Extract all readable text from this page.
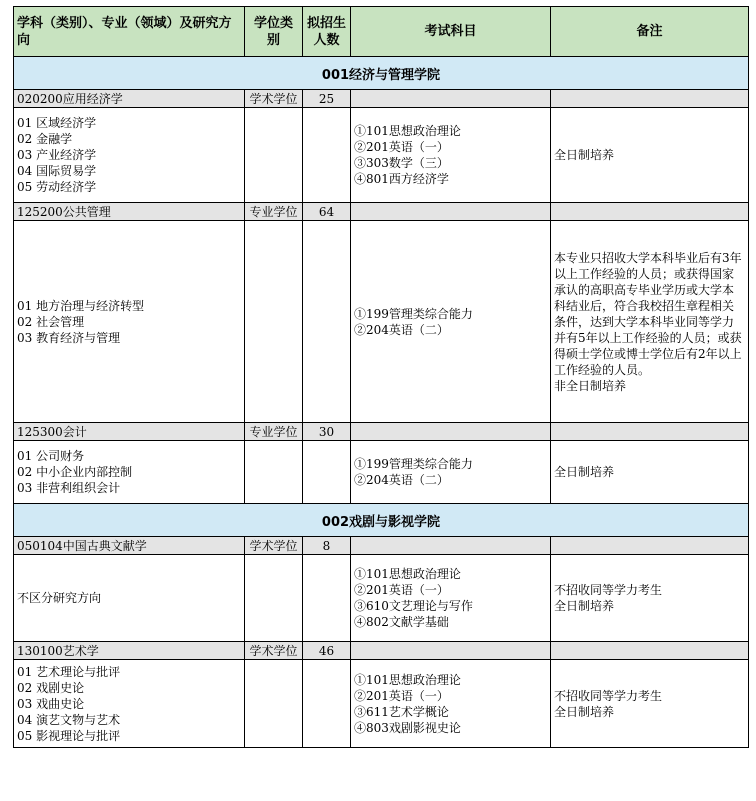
学科（类别）、专业（领域）及研究方向	学位类别	拟招生人数	考试科目	备注
001经济与管理学院				
020200应用经济学	学术学位	25		
01 区域经济学
02 金融学
03 产业经济学
04 国际贸易学
05 劳动经济学			①101思想政治理论
②201英语（一）
③303数学（三）
④801西方经济学	全日制培养
125200公共管理	专业学位	64		
01 地方治理与经济转型
02 社会管理
03 教育经济与管理			①199管理类综合能力
②204英语（二）	本专业只招收大学本科毕业后有3年以上工作经验的人员；或获得国家承认的高职高专毕业学历或大学本科结业后，符合我校招生章程相关条件，达到大学本科毕业同等学力并有5年以上工作经验的人员；或获得硕士学位或博士学位后有2年以上工作经验的人员。
非全日制培养
125300会计	专业学位	30		
01 公司财务
02 中小企业内部控制
03 非营利组织会计			①199管理类综合能力
②204英语（二）	全日制培养
002戏剧与影视学院				
050104中国古典文献学	学术学位	8		
不区分研究方向			①101思想政治理论
②201英语（一）
③610文艺理论与写作
④802文献学基础	不招收同等学力考生
全日制培养
130100艺术学	学术学位	46		
01 艺术理论与批评
02 戏剧史论
03 戏曲史论
04 演艺文物与艺术
05 影视理论与批评			①101思想政治理论
②201英语（一）
③611艺术学概论
④803戏剧影视史论	不招收同等学力考生
全日制培养
